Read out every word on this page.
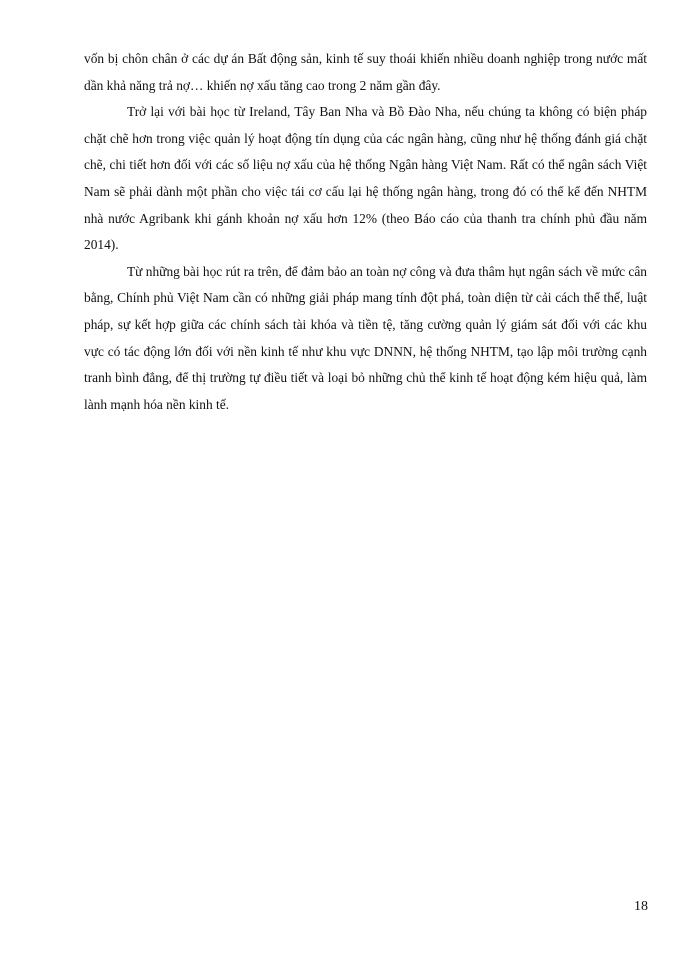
vốn bị chôn chân ở các dự án Bất động sản, kinh tế suy thoái khiến nhiều doanh nghiệp trong nước mất dần khả năng trả nợ… khiến nợ xấu tăng cao trong 2 năm gần đây.

Trở lại với bài học từ Ireland, Tây Ban Nha và Bồ Đào Nha, nếu chúng ta không có biện pháp chặt chẽ hơn trong việc quản lý hoạt động tín dụng của các ngân hàng, cũng như hệ thống đánh giá chặt chẽ, chi tiết hơn đối với các số liệu nợ xấu của hệ thống Ngân hàng Việt Nam. Rất có thể ngân sách Việt Nam sẽ phải dành một phần cho việc tái cơ cấu lại hệ thống ngân hàng, trong đó có thể kể đến NHTM nhà nước Agribank khi gánh khoản nợ xấu hơn 12% (theo Báo cáo của thanh tra chính phủ đầu năm 2014).

Từ những bài học rút ra trên, để đảm bảo an toàn nợ công và đưa thâm hụt ngân sách về mức cân bằng, Chính phủ Việt Nam cần có những giải pháp mang tính đột phá, toàn diện từ cải cách thể thế, luật pháp, sự kết hợp giữa các chính sách tài khóa và tiền tệ, tăng cường quản lý giám sát đối với các khu vực có tác động lớn đối với nền kinh tế như khu vực DNNN, hệ thống NHTM, tạo lập môi trường cạnh tranh bình đẳng, để thị trường tự điều tiết và loại bỏ những chủ thể kinh tế hoạt động kém hiệu quả, làm lành mạnh hóa nền kinh tế.

18
